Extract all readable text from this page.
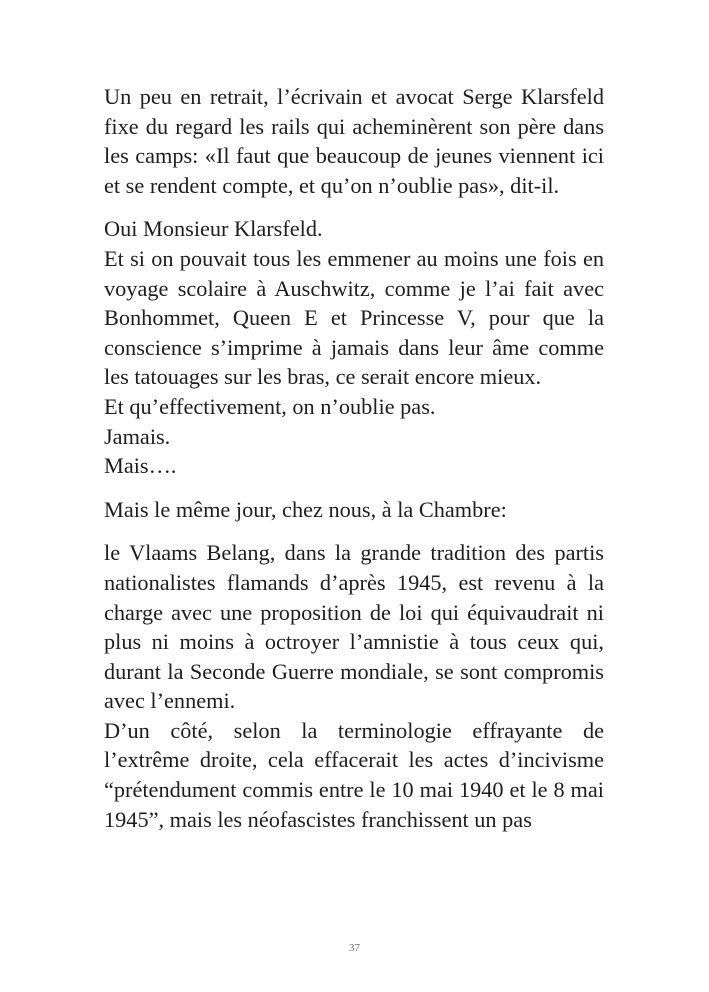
Un peu en retrait, l’écrivain et avocat Serge Klarsfeld fixe du regard les rails qui acheminèrent son père dans les camps: «Il faut que beaucoup de jeunes viennent ici et se rendent compte, et qu’on n’oublie pas», dit-il.

Oui Monsieur Klarsfeld.

Et si on pouvait tous les emmener au moins une fois en voyage scolaire à Auschwitz, comme je l’ai fait avec Bonhommet, Queen E et Princesse V, pour que la conscience s’imprime à jamais dans leur âme comme les tatouages sur les bras, ce serait encore mieux.

Et qu’effectivement, on n’oublie pas.

Jamais.

Mais….

Mais le même jour, chez nous, à la Chambre:

le Vlaams Belang, dans la grande tradition des partis nationalistes flamands d’après 1945, est revenu à la charge avec une proposition de loi qui équivaudrait ni plus ni moins à octroyer l’amnistie à tous ceux qui, durant la Seconde Guerre mondiale, se sont compromis avec l’ennemi.

D’un côté, selon la terminologie effrayante de l’extrême droite, cela effacerait les actes d’incivisme “prétendument commis entre le 10 mai 1940 et le 8 mai 1945”, mais les néofascistes franchissent un pas

37
